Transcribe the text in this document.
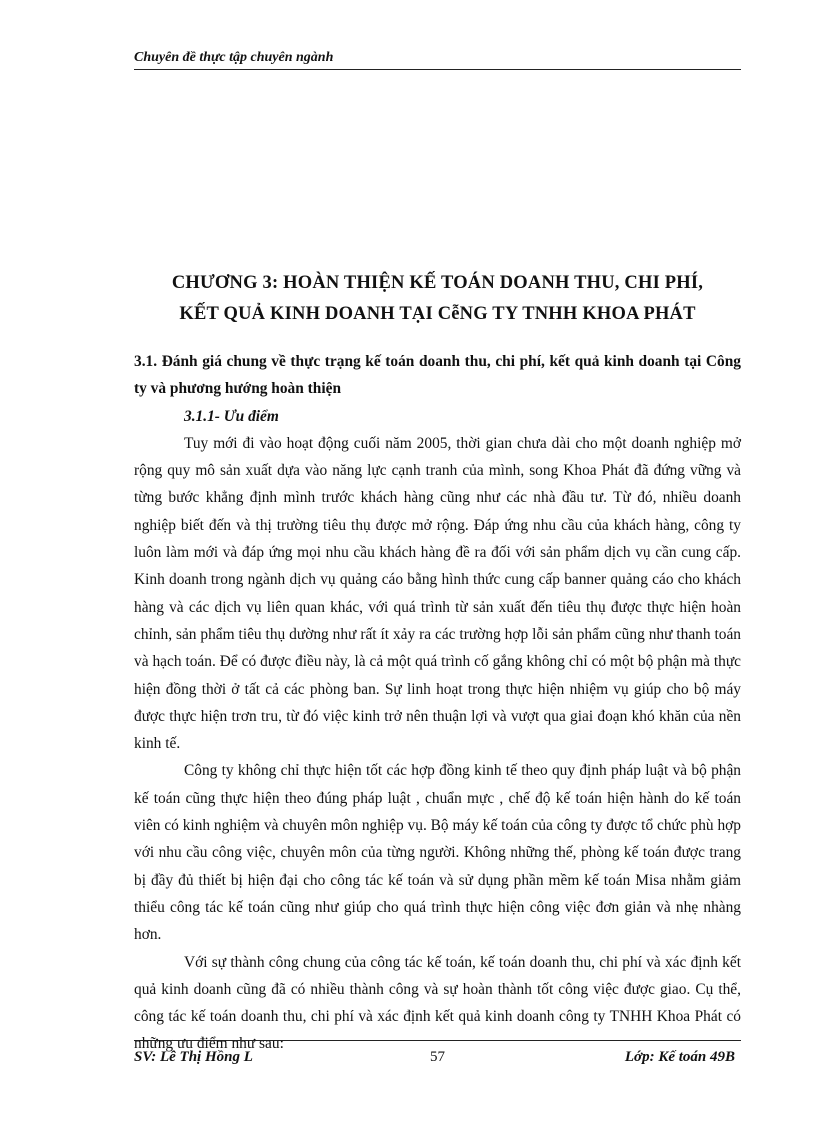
Chuyên đề thực tập chuyên ngành
CHƯƠNG 3: HOÀN THIỆN KẾ TOÁN DOANH THU, CHI PHÍ,
KẾT QUẢ KINH DOANH TẠI CễNG TY TNHH KHOA PHÁT

3.1. Đánh giá chung về thực trạng kế toán doanh thu, chi phí, kết quả kinh doanh tại Công ty và phương hướng hoàn thiện

3.1.1- Ưu điểm

Tuy mới đi vào hoạt động cuối năm 2005, thời gian chưa dài cho một doanh nghiệp mở rộng quy mô sản xuất dựa vào năng lực cạnh tranh của mình, song Khoa Phát đã đứng vững và từng bước khẳng định mình trước khách hàng cũng như các nhà đầu tư. Từ đó, nhiều doanh nghiệp biết đến và thị trường tiêu thụ được mở rộng. Đáp ứng nhu cầu của khách hàng, công ty luôn làm mới và đáp ứng mọi nhu cầu khách hàng đề ra đối với sản phẩm dịch vụ cần cung cấp. Kinh doanh trong ngành dịch vụ quảng cáo bằng hình thức cung cấp banner quảng cáo cho khách hàng và các dịch vụ liên quan khác, với quá trình từ sản xuất đến tiêu thụ được thực hiện hoàn chỉnh, sản phẩm tiêu thụ dường như rất ít xảy ra các trường hợp lỗi sản phẩm cũng như thanh toán và hạch toán. Để có được điều này, là cả một quá trình cố gắng không chỉ có một bộ phận mà thực hiện đồng thời ở tất cả các phòng ban. Sự linh hoạt trong thực hiện nhiệm vụ giúp cho bộ máy được thực hiện trơn tru, từ đó việc kinh trở nên thuận lợi và vượt qua giai đoạn khó khăn của nền kinh tế.

Công ty không chỉ thực hiện tốt các hợp đồng kinh tế theo quy định pháp luật và bộ phận kế toán cũng thực hiện theo đúng pháp luật , chuẩn mực , chế độ kế toán hiện hành do kế toán viên có kinh nghiệm và chuyên môn nghiệp vụ. Bộ máy kế toán của công ty được tổ chức phù hợp với nhu cầu công việc, chuyên môn của từng người. Không những thế, phòng kế toán được trang bị đầy đủ thiết bị hiện đại cho công tác kế toán và sử dụng phần mềm kế toán Misa nhằm giảm thiểu công tác kế toán cũng như giúp cho quá trình thực hiện công việc đơn giản và nhẹ nhàng hơn.

Với sự thành công chung của công tác kế toán, kế toán doanh thu, chi phí và xác định kết quả kinh doanh cũng đã có nhiều thành công và sự hoàn thành tốt công việc được giao. Cụ thể, công tác kế toán doanh thu, chi phí và xác định kết quả kinh doanh công ty TNHH Khoa Phát có những ưu điểm như sau:

SV: Lê Thị Hồng L	57	Lớp: Kế toán 49B
